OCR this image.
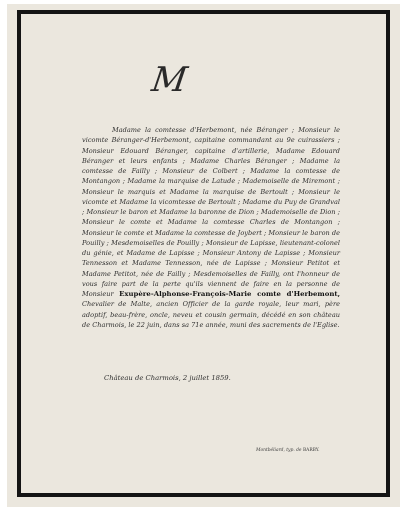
M

Madame la comtesse d'Herbemont, née Béranger ; Monsieur le vicomte Béranger-d'Herbemont, capitaine commandant au 9e cuirassiers ; Monsieur Edouard Béranger, capitaine d'artillerie, Madame Edouard Béranger et leurs enfants ; Madame Charles Béranger ; Madame la comtesse de Failly ; Monsieur de Colbert ; Madame la comtesse de Montangon ; Madame la marquise de Latude ; Mademoiselle de Miremont ; Monsieur le marquis et Madame la marquise de Bertoult ; Monsieur le vicomte et Madame la vicomtesse de Bertoult ; Madame du Puy de Grandval ; Monsieur le baron et Madame la baronne de Dion ; Mademoiselle de Dion ; Monsieur le comte et Madame la comtesse Charles de Montangon ; Monsieur le comte et Madame la comtesse de Joybert ; Monsieur le baron de Pouilly ; Mesdemoiselles de Pouilly ; Monsieur de Lapisse, lieutenant-colonel du génie, et Madame de Lapisse ; Monsieur Antony de Lapisse ; Monsieur Tennesson et Madame Tennesson, née de Lapisse ; Monsieur Petitot et Madame Petitot, née de Failly ; Mesdemoiselles de Failly, ont l'honneur de vous faire part de la perte qu'ils viennent de faire en la personne de Monsieur Exupère-Alphonse-François-Marie comte d'Herbemont, Chevalier de Malte, ancien Officier de la garde royale, leur mari, père adoptif, beau-frère, oncle, neveu et cousin germain, décédé en son château de Charmois, le 22 juin, dans sa 71e année, muni des sacrements de l'Eglise.

Château de Charmois, 2 juillet 1859.
Montbéliard, typ. de BARBY.
